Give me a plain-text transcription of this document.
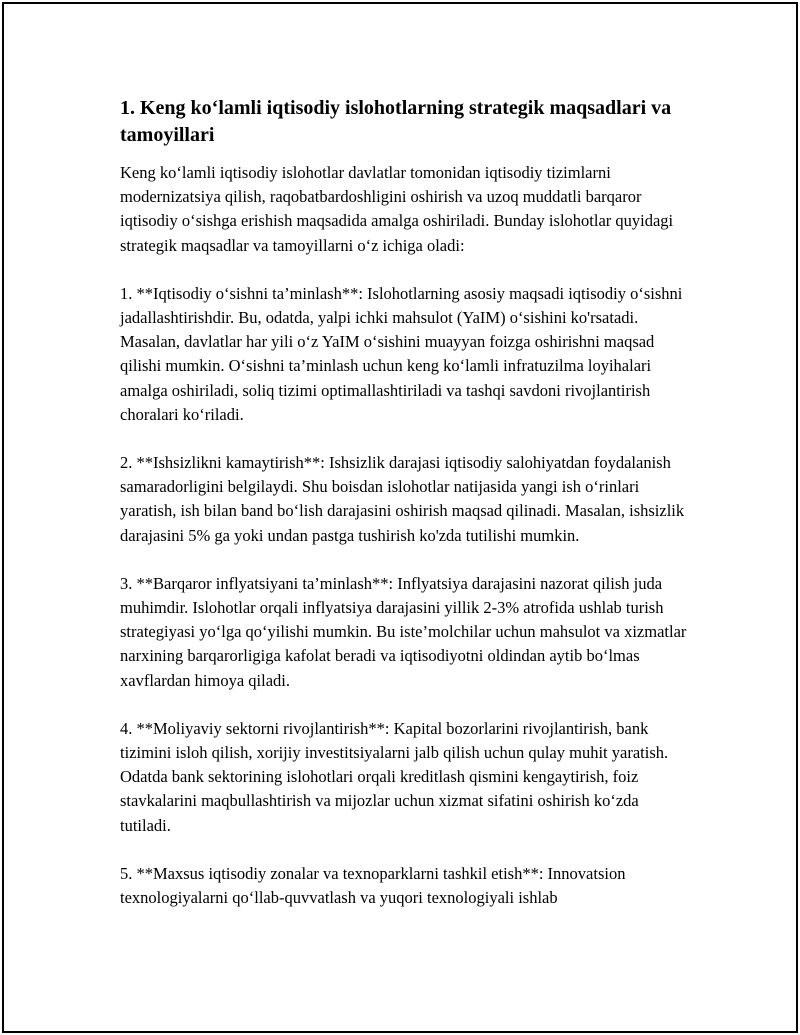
1. Keng ko‘lamli iqtisodiy islohotlarning strategik maqsadlari va tamoyillari

Keng ko‘lamli iqtisodiy islohotlar davlatlar tomonidan iqtisodiy tizimlarni modernizatsiya qilish, raqobatbardoshligini oshirish va uzoq muddatli barqaror iqtisodiy o‘sishga erishish maqsadida amalga oshiriladi. Bunday islohotlar quyidagi strategik maqsadlar va tamoyillarni o‘z ichiga oladi:

1. **Iqtisodiy o‘sishni ta’minlash**: Islohotlarning asosiy maqsadi iqtisodiy o‘sishni jadallashtirishdir. Bu, odatda, yalpi ichki mahsulot (YaIM) o‘sishini ko'rsatadi. Masalan, davlatlar har yili o‘z YaIM o‘sishini muayyan foizga oshirishni maqsad qilishi mumkin. O‘sishni ta’minlash uchun keng ko‘lamli infratuzilma loyihalari amalga oshiriladi, soliq tizimi optimallashtiriladi va tashqi savdoni rivojlantirish choralari ko‘riladi.

2. **Ishsizlikni kamaytirish**: Ishsizlik darajasi iqtisodiy salohiyatdan foydalanish samaradorligini belgilaydi. Shu boisdan islohotlar natijasida yangi ish o‘rinlari yaratish, ish bilan band bo‘lish darajasini oshirish maqsad qilinadi. Masalan, ishsizlik darajasini 5% ga yoki undan pastga tushirish ko'zda tutilishi mumkin.

3. **Barqaror inflyatsiyani ta’minlash**: Inflyatsiya darajasini nazorat qilish juda muhimdir. Islohotlar orqali inflyatsiya darajasini yillik 2-3% atrofida ushlab turish strategiyasi yo‘lga qo‘yilishi mumkin. Bu iste’molchilar uchun mahsulot va xizmatlar narxining barqarorligiga kafolat beradi va iqtisodiyotni oldindan aytib bo‘lmas xavflardan himoya qiladi.

4. **Moliyaviy sektorni rivojlantirish**: Kapital bozorlarini rivojlantirish, bank tizimini isloh qilish, xorijiy investitsiyalarni jalb qilish uchun qulay muhit yaratish. Odatda bank sektorining islohotlari orqali kreditlash qismini kengaytirish, foiz stavkalarini maqbullashtirish va mijozlar uchun xizmat sifatini oshirish ko‘zda tutiladi.

5. **Maxsus iqtisodiy zonalar va texnoparklarni tashkil etish**: Innovatsion texnologiyalarni qo‘llab-quvvatlash va yuqori texnologiyali ishlab
